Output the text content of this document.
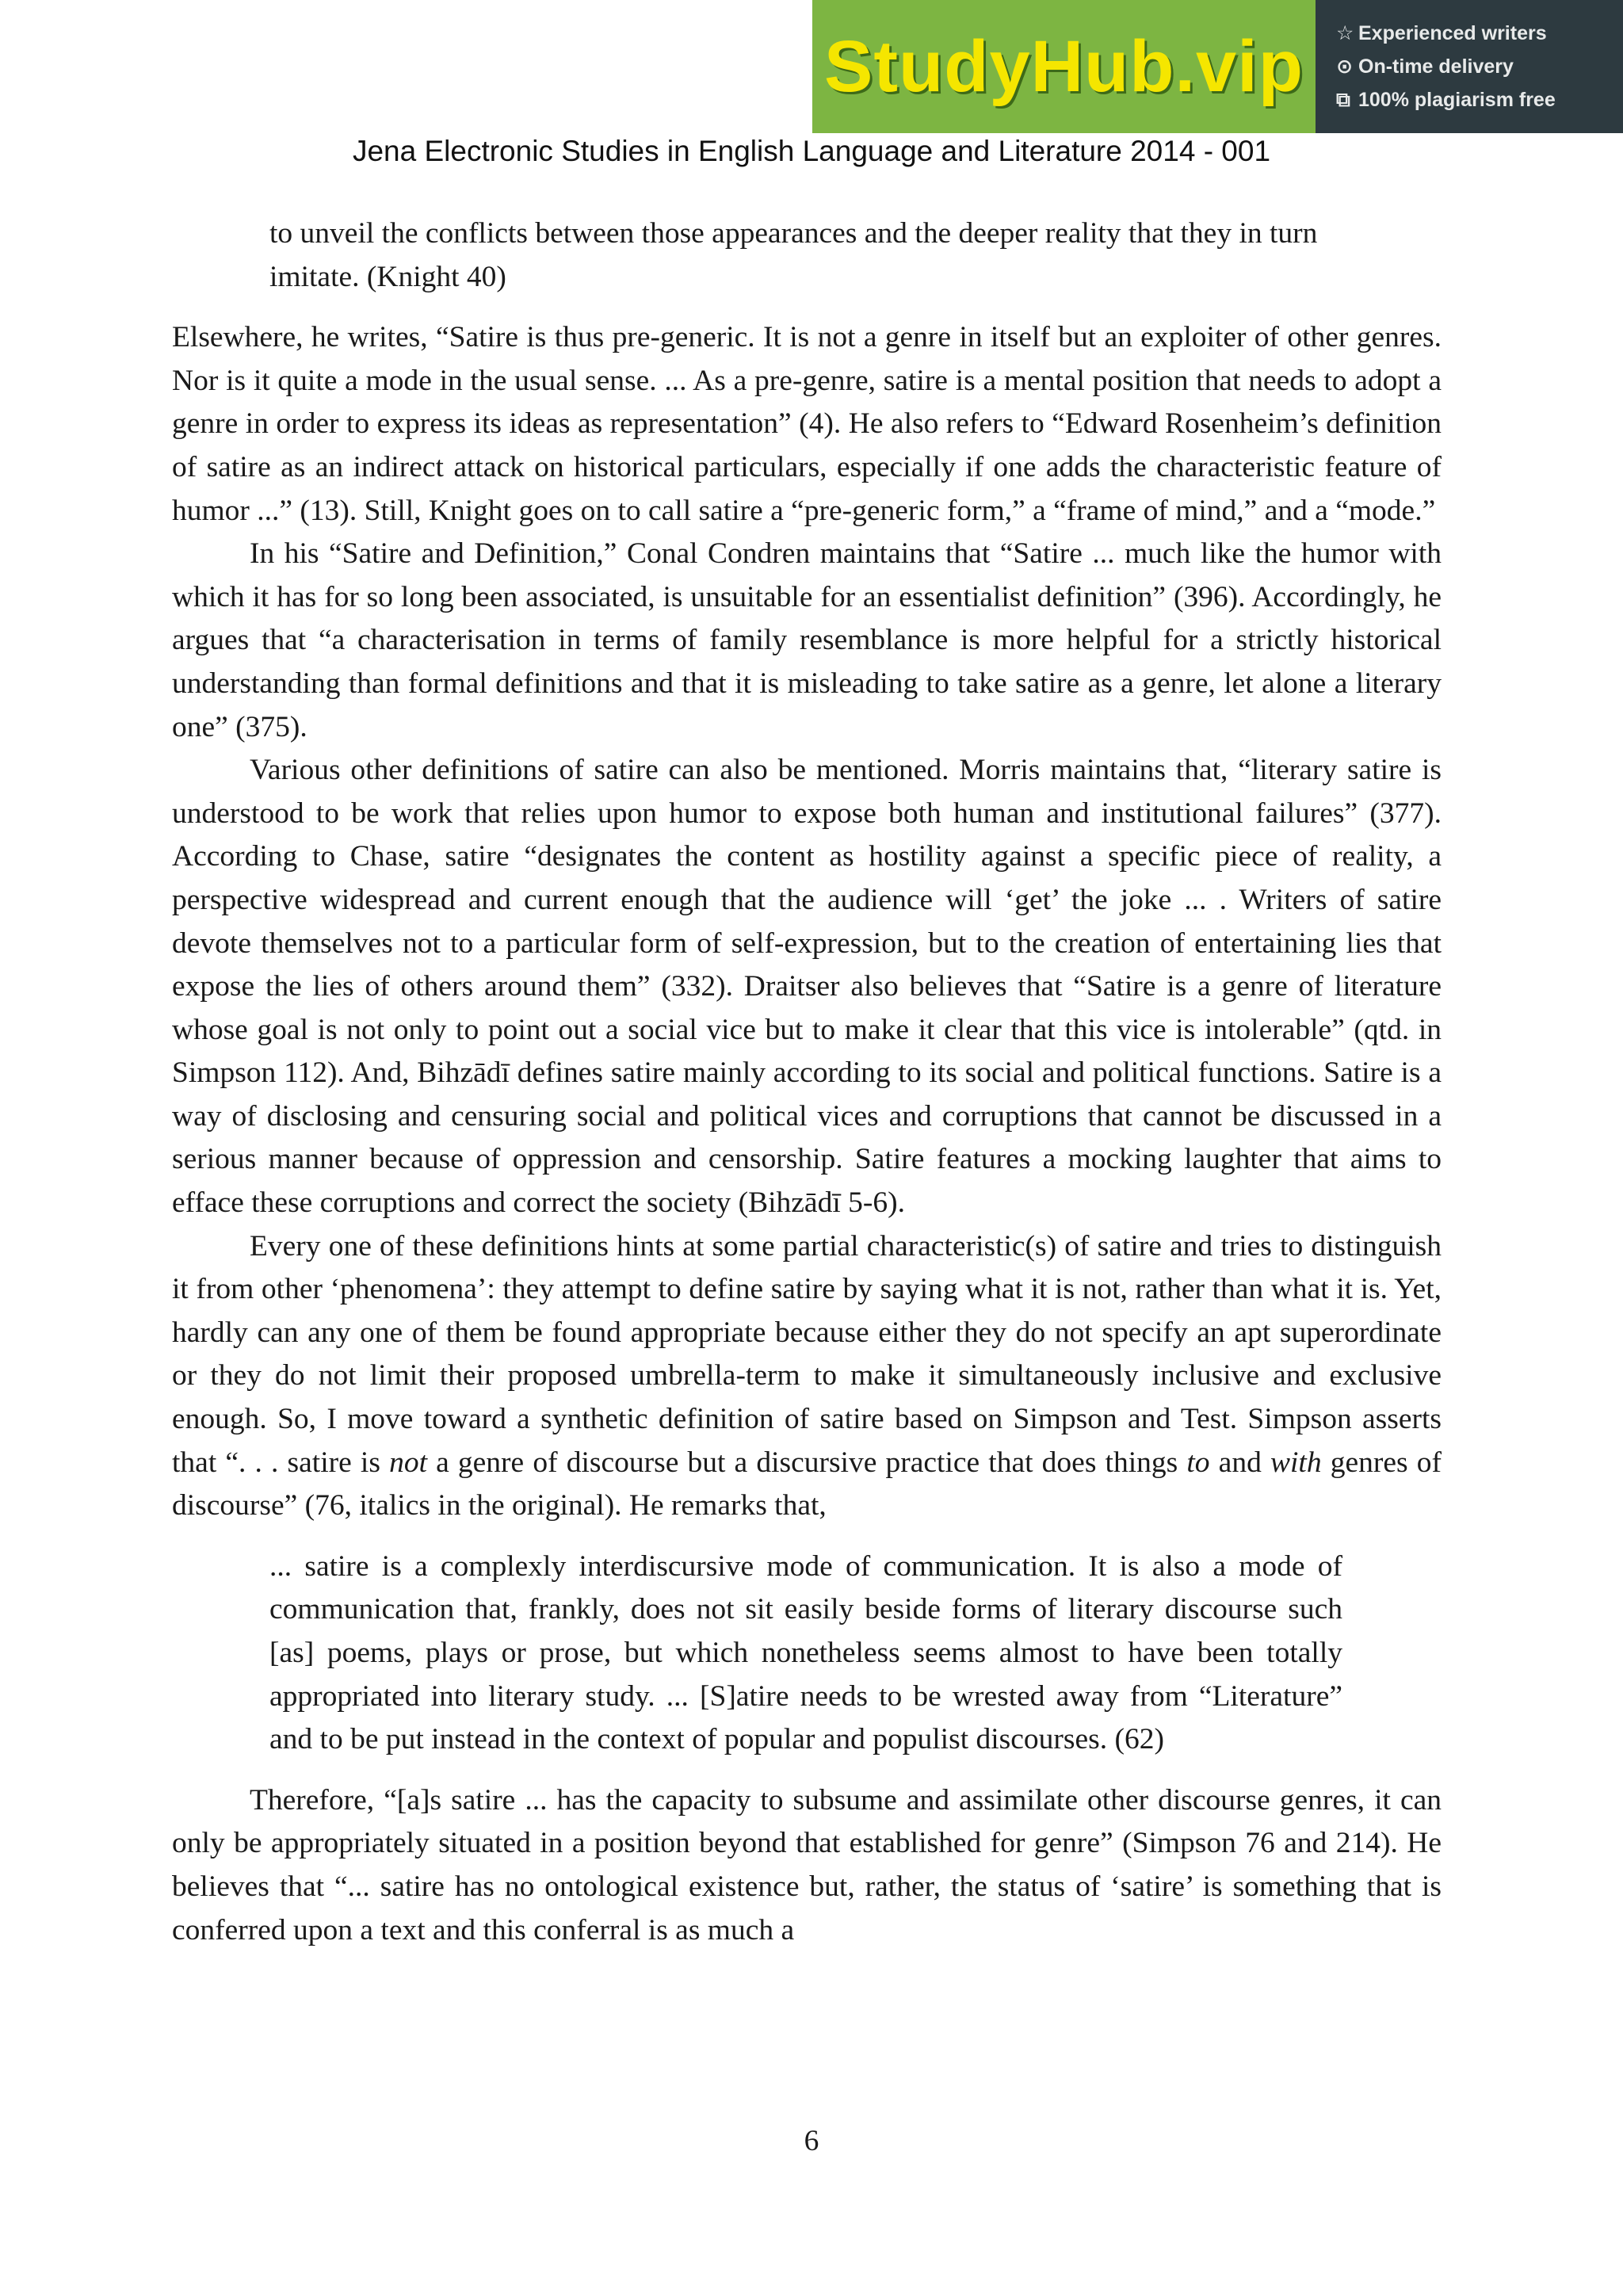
StudyHub.vip ☆ Experienced writers
⊙ On-time delivery
⧉ 100% plagiarism free
Jena Electronic Studies in English Language and Literature 2014 - 001

to unveil the conflicts between those appearances and the deeper reality that they in turn imitate. (Knight 40)

Elsewhere, he writes, “Satire is thus pre-generic. It is not a genre in itself but an exploiter of other genres. Nor is it quite a mode in the usual sense. ... As a pre-genre, satire is a mental position that needs to adopt a genre in order to express its ideas as representation” (4). He also refers to “Edward Rosenheim’s definition of satire as an indirect attack on historical particulars, especially if one adds the characteristic feature of humor ...” (13). Still, Knight goes on to call satire a “pre-generic form,” a “frame of mind,” and a “mode.”

In his “Satire and Definition,” Conal Condren maintains that “Satire ... much like the humor with which it has for so long been associated, is unsuitable for an essentialist definition” (396). Accordingly, he argues that “a characterisation in terms of family resemblance is more helpful for a strictly historical understanding than formal definitions and that it is misleading to take satire as a genre, let alone a literary one” (375).

Various other definitions of satire can also be mentioned. Morris maintains that, “literary satire is understood to be work that relies upon humor to expose both human and institutional failures” (377). According to Chase, satire “designates the content as hostility against a specific piece of reality, a perspective widespread and current enough that the audience will ‘get’ the joke ... . Writers of satire devote themselves not to a particular form of self-expression, but to the creation of entertaining lies that expose the lies of others around them” (332). Draitser also believes that “Satire is a genre of literature whose goal is not only to point out a social vice but to make it clear that this vice is intolerable” (qtd. in Simpson 112). And, Bihzādī defines satire mainly according to its social and political functions. Satire is a way of disclosing and censuring social and political vices and corruptions that cannot be discussed in a serious manner because of oppression and censorship. Satire features a mocking laughter that aims to efface these corruptions and correct the society (Bihzādī 5-6).

Every one of these definitions hints at some partial characteristic(s) of satire and tries to distinguish it from other ‘phenomena’: they attempt to define satire by saying what it is not, rather than what it is. Yet, hardly can any one of them be found appropriate because either they do not specify an apt superordinate or they do not limit their proposed umbrella-term to make it simultaneously inclusive and exclusive enough. So, I move toward a synthetic definition of satire based on Simpson and Test. Simpson asserts that “. . . satire is not a genre of discourse but a discursive practice that does things to and with genres of discourse” (76, italics in the original). He remarks that,

... satire is a complexly interdiscursive mode of communication. It is also a mode of communication that, frankly, does not sit easily beside forms of literary discourse such [as] poems, plays or prose, but which nonetheless seems almost to have been totally appropriated into literary study. ... [S]atire needs to be wrested away from “Literature” and to be put instead in the context of popular and populist discourses. (62)

Therefore, “[a]s satire ... has the capacity to subsume and assimilate other discourse genres, it can only be appropriately situated in a position beyond that established for genre” (Simpson 76 and 214). He believes that “... satire has no ontological existence but, rather, the status of ‘satire’ is something that is conferred upon a text and this conferral is as much a

6
